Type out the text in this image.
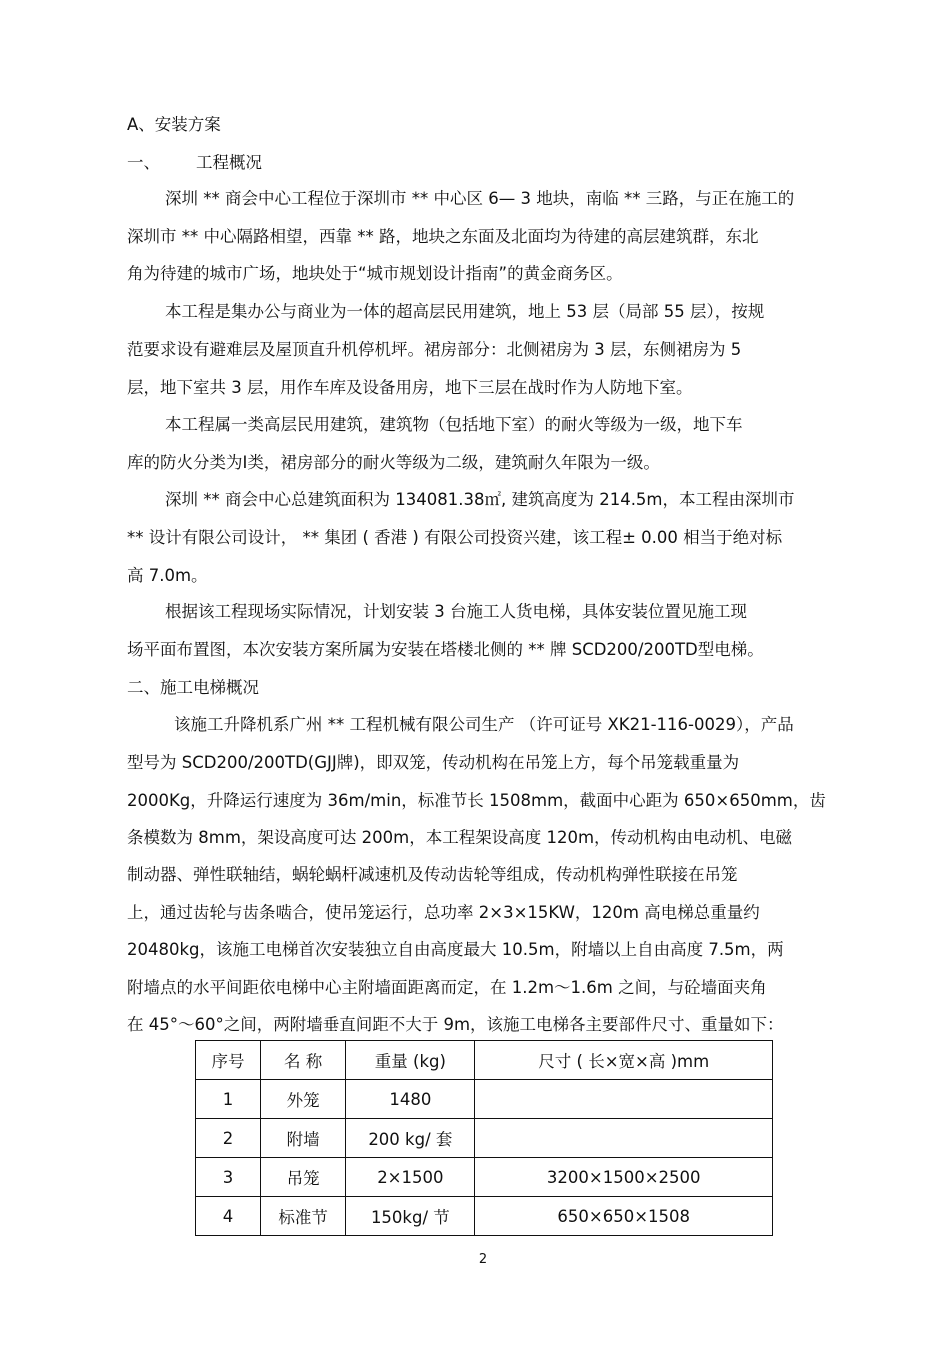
A、安装方案
一、 工程概况
深圳 ** 商会中心工程位于深圳市 ** 中心区 6— 3 地块，南临 ** 三路，与正在施工的
深圳市 ** 中心隔路相望，西靠 ** 路，地块之东面及北面均为待建的高层建筑群，东北
角为待建的城市广场，地块处于“城市规划设计指南”的黄金商务区。
本工程是集办公与商业为一体的超高层民用建筑，地上 53 层（局部 55 层），按规
范要求设有避难层及屋顶直升机停机坪。裙房部分：北侧裙房为 3 层，东侧裙房为 5
层，地下室共 3 层，用作车库及设备用房，地下三层在战时作为人防地下室。
本工程属一类高层民用建筑，建筑物（包括地下室）的耐火等级为一级，地下车
库的防火分类为Ⅰ类，裙房部分的耐火等级为二级，建筑耐久年限为一级。
深圳 ** 商会中心总建筑面积为 134081.38㎡, 建筑高度为 214.5m，本工程由深圳市
** 设计有限公司设计， ** 集团 ( 香港 ) 有限公司投资兴建，该工程± 0.00 相当于绝对标
高 7.0m。
根据该工程现场实际情况，计划安装 3 台施工人货电梯，具体安装位置见施工现
场平面布置图，本次安装方案所属为安装在塔楼北侧的 ** 牌 SCD200/200TD型电梯。
二、施工电梯概况
该施工升降机系广州 ** 工程机械有限公司生产 （许可证号 XK21-116-0029），产品
型号为 SCD200/200TD(GJJ牌)，即双笼，传动机构在吊笼上方，每个吊笼载重量为
2000Kg，升降运行速度为 36m/min，标准节长 1508mm，截面中心距为 650×650mm，齿
条模数为 8mm，架设高度可达 200m，本工程架设高度 120m，传动机构由电动机、电磁
制动器、弹性联轴结，蜗轮蜗杆减速机及传动齿轮等组成，传动机构弹性联接在吊笼
上，通过齿轮与齿条啮合，使吊笼运行，总功率 2×3×15KW，120m 高电梯总重量约
20480kg，该施工电梯首次安装独立自由高度最大 10.5m，附墙以上自由高度 7.5m，两
附墙点的水平间距依电梯中心主附墙面距离而定，在 1.2m～1.6m 之间，与砼墙面夹角
在 45°～60°之间，两附墙垂直间距不大于 9m，该施工电梯各主要部件尺寸、重量如下：
序号	名 称	重量 (kg)	尺寸 ( 长×宽×高 )mm
1	外笼	1480	
2	附墙	200 kg/ 套	
3	吊笼	2×1500	3200×1500×2500
4	标准节	150kg/ 节	650×650×1508
2
